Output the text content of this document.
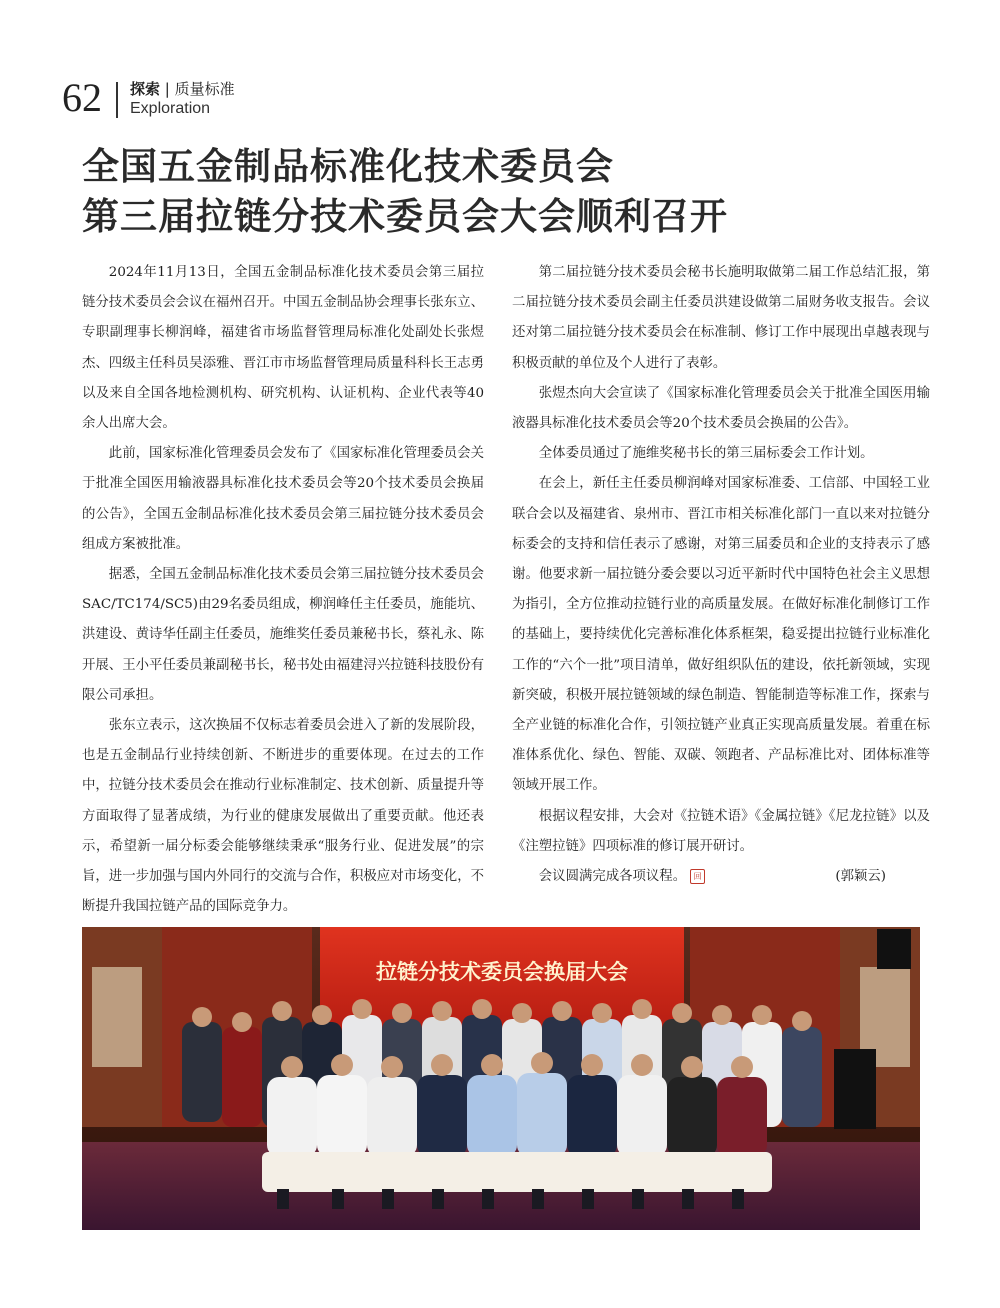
62 探索 | 质量标准
Exploration
全国五金制品标准化技术委员会
第三届拉链分技术委员会大会顺利召开

2024年11月13日，全国五金制品标准化技术委员会第三届拉链分技术委员会会议在福州召开。中国五金制品协会理事长张东立、专职副理事长柳润峰，福建省市场监督管理局标准化处副处长张煜杰、四级主任科员吴添雅、晋江市市场监督管理局质量科科长王志勇以及来自全国各地检测机构、研究机构、认证机构、企业代表等40余人出席大会。

此前，国家标准化管理委员会发布了《国家标准化管理委员会关于批准全国医用输液器具标准化技术委员会等20个技术委员会换届的公告》，全国五金制品标准化技术委员会第三届拉链分技术委员会组成方案被批准。

据悉，全国五金制品标准化技术委员会第三届拉链分技术委员会SAC/TC174/SC5)由29名委员组成，柳润峰任主任委员，施能坑、洪建设、黄诗华任副主任委员，施维奖任委员兼秘书长，蔡礼永、陈开展、王小平任委员兼副秘书长，秘书处由福建浔兴拉链科技股份有限公司承担。

张东立表示，这次换届不仅标志着委员会进入了新的发展阶段，也是五金制品行业持续创新、不断进步的重要体现。在过去的工作中，拉链分技术委员会在推动行业标准制定、技术创新、质量提升等方面取得了显著成绩，为行业的健康发展做出了重要贡献。他还表示，希望新一届分标委会能够继续秉承“服务行业、促进发展”的宗旨，进一步加强与国内外同行的交流与合作，积极应对市场变化，不断提升我国拉链产品的国际竞争力。

第二届拉链分技术委员会秘书长施明取做第二届工作总结汇报，第二届拉链分技术委员会副主任委员洪建设做第二届财务收支报告。会议还对第二届拉链分技术委员会在标准制、修订工作中展现出卓越表现与积极贡献的单位及个人进行了表彰。

张煜杰向大会宣读了《国家标准化管理委员会关于批准全国医用输液器具标准化技术委员会等20个技术委员会换届的公告》。

全体委员通过了施维奖秘书长的第三届标委会工作计划。

在会上，新任主任委员柳润峰对国家标准委、工信部、中国轻工业联合会以及福建省、泉州市、晋江市相关标准化部门一直以来对拉链分标委会的支持和信任表示了感谢，对第三届委员和企业的支持表示了感谢。他要求新一届拉链分委会要以习近平新时代中国特色社会主义思想为指引，全方位推动拉链行业的高质量发展。在做好标准化制修订工作的基础上，要持续优化完善标准化体系框架，稳妥提出拉链行业标准化工作的“六个一批”项目清单，做好组织队伍的建设，依托新领域，实现新突破，积极开展拉链领域的绿色制造、智能制造等标准工作，探索与全产业链的标准化合作，引领拉链产业真正实现高质量发展。着重在标准体系优化、绿色、智能、双碳、领跑者、产品标准比对、团体标准等领域开展工作。

根据议程安排，大会对《拉链术语》《金属拉链》《尼龙拉链》以及《注塑拉链》四项标准的修订展开研讨。

会议圆满完成各项议程。 回	(郭颖云)

拉链分技术委员会换届大会
